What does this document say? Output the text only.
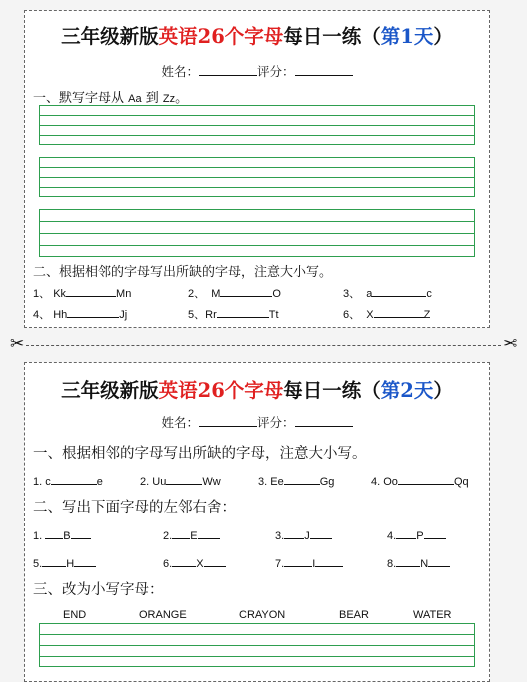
三年级新版英语26个字母每日一练（第1天）
姓名：	评分：
一、默写字母从 Aa 到 Zz。
二、根据相邻的字母写出所缺的字母，注意大小写。
1、 Kk	Mn	2、 M	O	3、 a	c
4、 Hh	Jj	5、Rr	Tt	6、 X	Z
✂	✂
三年级新版英语26个字母每日一练（第2天）
姓名：	评分：
一、根据相邻的字母写出所缺的字母，注意大小写。
1. c	e	2. Uu	Ww	3. Ee	Gg	4. Oo	Qq
二、写出下面字母的左邻右舍：
1. B	2. E	3. J	4. P
5. H	6. X	7.	I	8. N
三、改为小写字母：
END	ORANGE	CRAYON	BEAR	WATER
